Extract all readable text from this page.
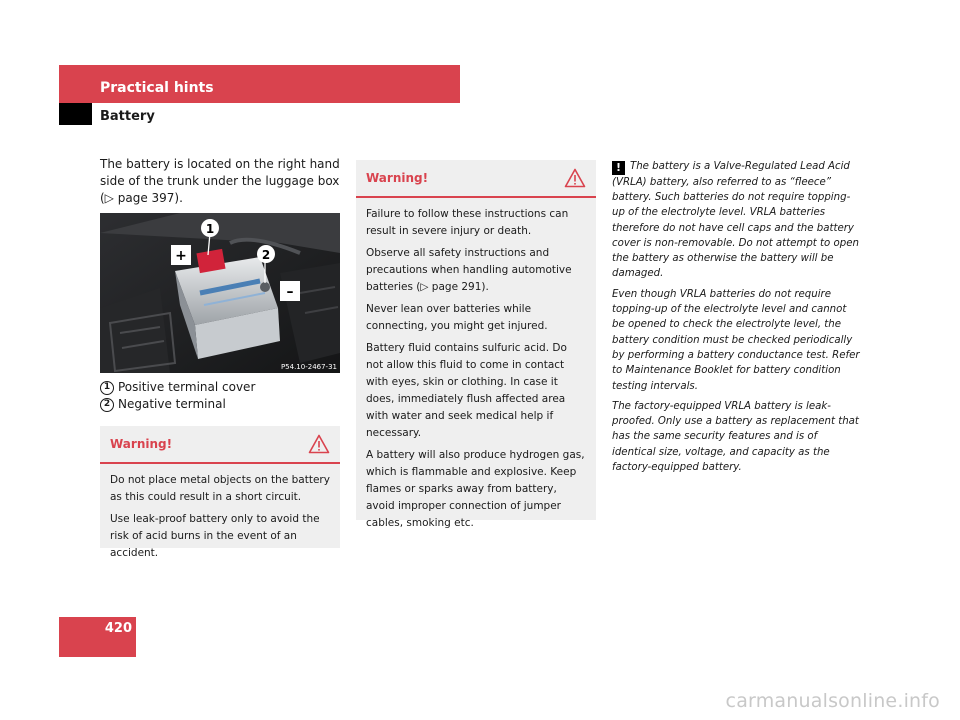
Practical hints
Battery
The battery is located on the right hand side of the trunk under the luggage box (▷ page 397).
+
–
1
2
P54.10-2467-31
1 Positive terminal cover
2 Negative terminal
Warning!

Do not place metal objects on the battery as this could result in a short circuit.

Use leak-proof battery only to avoid the risk of acid burns in the event of an accident.

Warning!

Failure to follow these instructions can result in severe injury or death.

Observe all safety instructions and precautions when handling automotive batteries (▷ page 291).

Never lean over batteries while connecting, you might get injured.

Battery fluid contains sulfuric acid. Do not allow this fluid to come in contact with eyes, skin or clothing. In case it does, immediately flush affected area with water and seek medical help if necessary.

A battery will also produce hydrogen gas, which is flammable and explosive. Keep flames or sparks away from battery, avoid improper connection of jumper cables, smoking etc.

! The battery is a Valve-Regulated Lead Acid (VRLA) battery, also referred to as “fleece” battery. Such batteries do not require topping-up of the electrolyte level. VRLA batteries therefore do not have cell caps and the battery cover is non-removable. Do not attempt to open the battery as otherwise the battery will be damaged.

Even though VRLA batteries do not require topping-up of the electrolyte level and cannot be opened to check the electrolyte level, the battery condition must be checked periodically by performing a battery conductance test. Refer to Maintenance Booklet for battery condition testing intervals.

The factory-equipped VRLA battery is leak-proofed. Only use a battery as replacement that has the same security features and is of identical size, voltage, and capacity as the factory-equipped battery.

420
carmanualsonline.info
